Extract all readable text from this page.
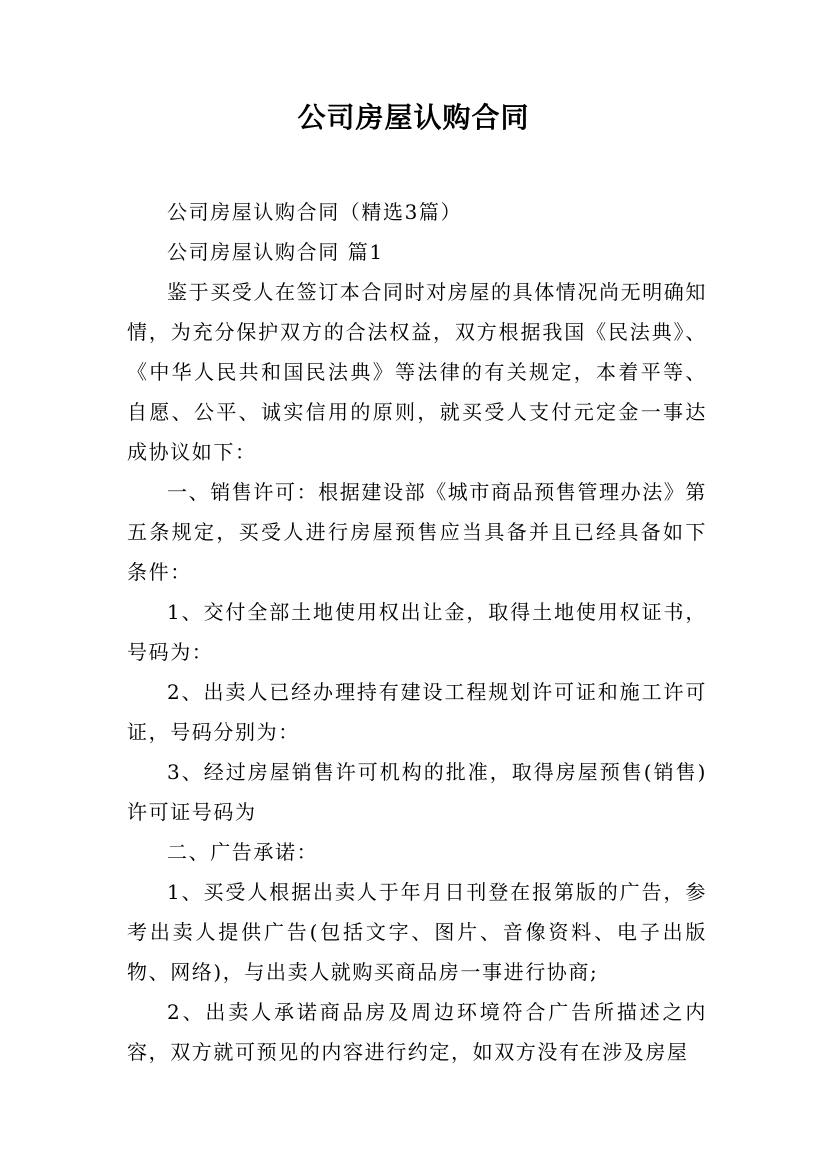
公司房屋认购合同

公司房屋认购合同（精选3篇）

公司房屋认购合同 篇1

鉴于买受人在签订本合同时对房屋的具体情况尚无明确知情，为充分保护双方的合法权益，双方根据我国《民法典》、《中华人民共和国民法典》等法律的有关规定，本着平等、自愿、公平、诚实信用的原则，就买受人支付元定金一事达成协议如下：

一、销售许可：根据建设部《城市商品预售管理办法》第五条规定，买受人进行房屋预售应当具备并且已经具备如下条件：

1、交付全部土地使用权出让金，取得土地使用权证书，号码为：

2、出卖人已经办理持有建设工程规划许可证和施工许可证，号码分别为：

3、经过房屋销售许可机构的批准，取得房屋预售(销售)许可证号码为

二、广告承诺：

1、买受人根据出卖人于年月日刊登在报第版的广告，参考出卖人提供广告(包括文字、图片、音像资料、电子出版物、网络)，与出卖人就购买商品房一事进行协商;

2、出卖人承诺商品房及周边环境符合广告所描述之内容，双方就可预见的内容进行约定，如双方没有在涉及房屋
